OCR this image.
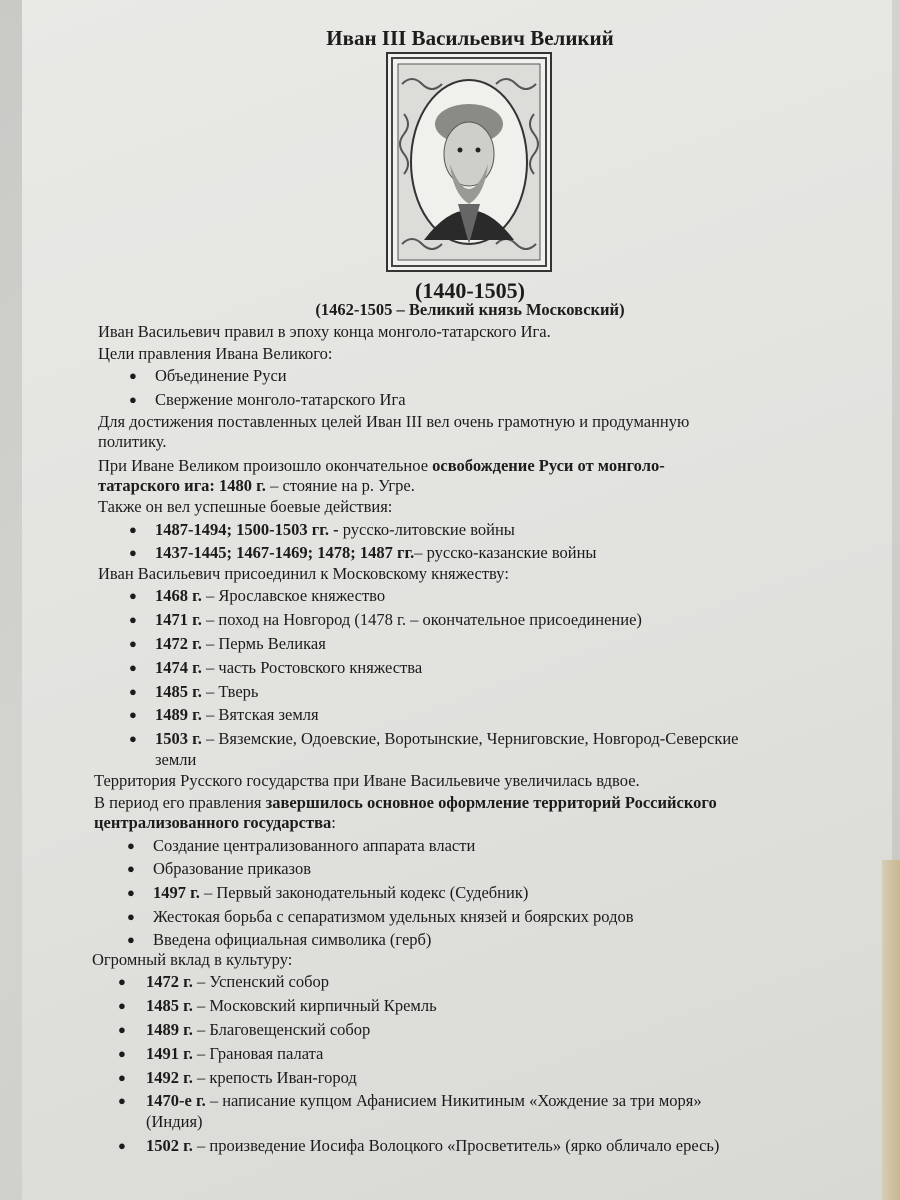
Иван III Васильевич Великий
(1440-1505)
(1462-1505 – Великий князь Московский)
Иван Васильевич правил в эпоху конца монголо-татарского Ига.
Цели правления Ивана Великого:
● Объединение Руси
● Свержение монголо-татарского Ига
Для достижения поставленных целей Иван III вел очень грамотную и продуманную
политику.
При Иване Великом произошло окончательное освобождение Руси от монголо-
татарского ига: 1480 г. – стояние на р. Угре.
Также он вел успешные боевые действия:
● 1487-1494; 1500-1503 гг. - русско-литовские войны
● 1437-1445; 1467-1469; 1478; 1487 гг.– русско-казанские войны
Иван Васильевич присоединил к Московскому княжеству:
● 1468 г. – Ярославское княжество
● 1471 г. – поход на Новгород (1478 г. – окончательное присоединение)
● 1472 г. – Пермь Великая
● 1474 г. – часть Ростовского княжества
● 1485 г. – Тверь
● 1489 г. – Вятская земля
● 1503 г. – Вяземские, Одоевские, Воротынские, Черниговские, Новгород-Северские
земли
Территория Русского государства при Иване Васильевиче увеличилась вдвое.
В период его правления завершилось основное оформление территорий Российского
централизованного государства:
● Создание централизованного аппарата власти
● Образование приказов
● 1497 г. – Первый законодательный кодекс (Судебник)
● Жестокая борьба с сепаратизмом удельных князей и боярских родов
● Введена официальная символика (герб)
Огромный вклад в культуру:
● 1472 г. – Успенский собор
● 1485 г. – Московский кирпичный Кремль
● 1489 г. – Благовещенский собор
● 1491 г. – Грановая палата
● 1492 г. – крепость Иван-город
● 1470-е г. – написание купцом Афанисием Никитиным «Хождение за три моря»
(Индия)
● 1502 г. – произведение Иосифа Волоцкого «Просветитель» (ярко обличало ересь)
